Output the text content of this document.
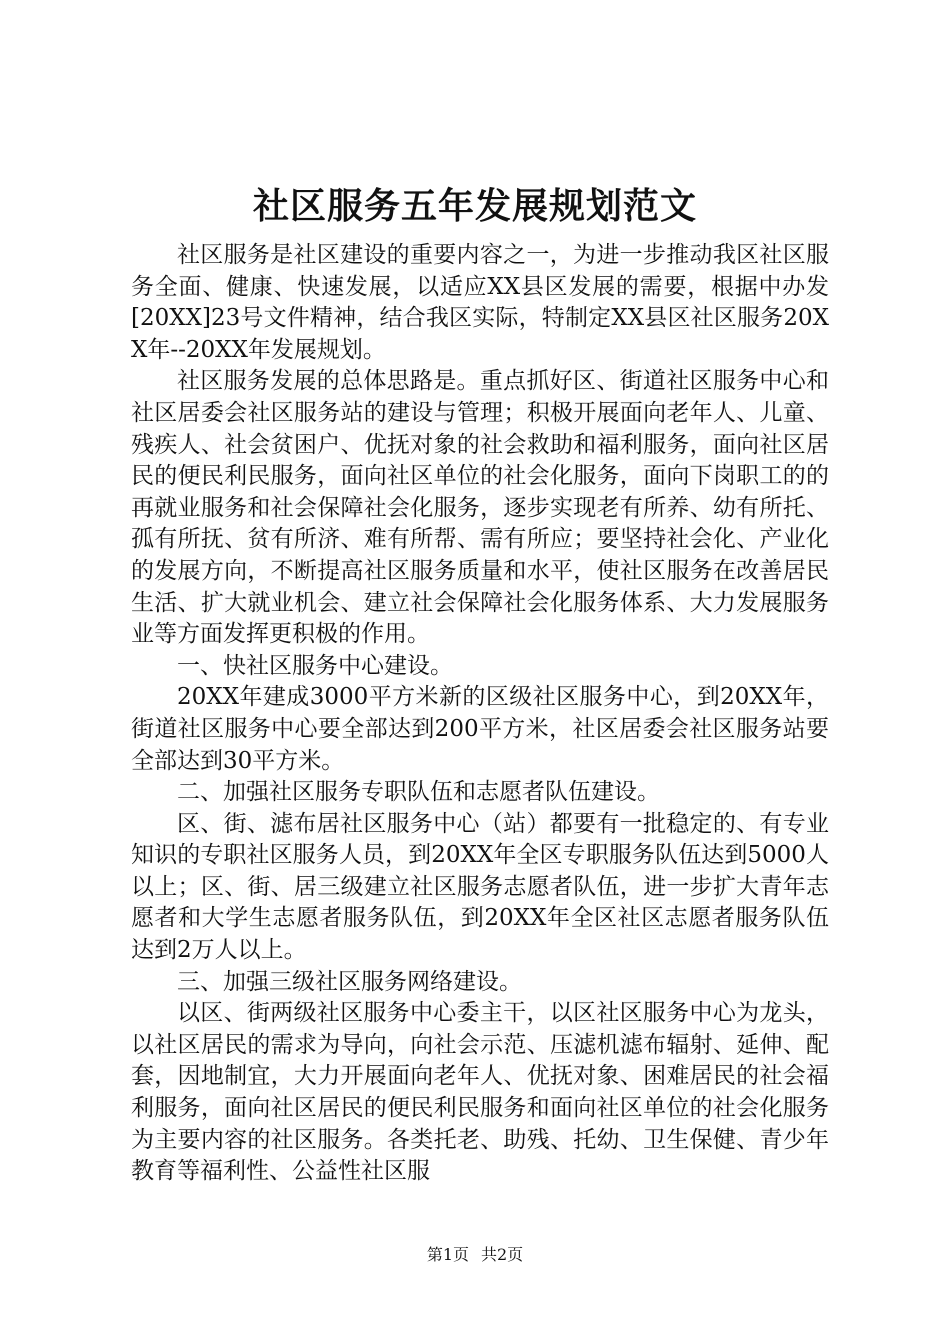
社区服务五年发展规划范文

社区服务是社区建设的重要内容之一，为进一步推动我区社区服务全面、健康、快速发展，以适应XX县区发展的需要，根据中办发[20XX]23号文件精神，结合我区实际，特制定XX县区社区服务20XX年--20XX年发展规划。

社区服务发展的总体思路是。重点抓好区、街道社区服务中心和社区居委会社区服务站的建设与管理；积极开展面向老年人、儿童、残疾人、社会贫困户、优抚对象的社会救助和福利服务，面向社区居民的便民利民服务，面向社区单位的社会化服务，面向下岗职工的的再就业服务和社会保障社会化服务，逐步实现老有所养、幼有所托、孤有所抚、贫有所济、难有所帮、需有所应；要坚持社会化、产业化的发展方向，不断提高社区服务质量和水平，使社区服务在改善居民生活、扩大就业机会、建立社会保障社会化服务体系、大力发展服务业等方面发挥更积极的作用。

一、快社区服务中心建设。

20XX年建成3000平方米新的区级社区服务中心，到20XX年，街道社区服务中心要全部达到200平方米，社区居委会社区服务站要全部达到30平方米。

二、加强社区服务专职队伍和志愿者队伍建设。

区、街、滤布居社区服务中心（站）都要有一批稳定的、有专业知识的专职社区服务人员，到20XX年全区专职服务队伍达到5000人以上；区、街、居三级建立社区服务志愿者队伍，进一步扩大青年志愿者和大学生志愿者服务队伍，到20XX年全区社区志愿者服务队伍达到2万人以上。

三、加强三级社区服务网络建设。

以区、街两级社区服务中心委主干，以区社区服务中心为龙头，以社区居民的需求为导向，向社会示范、压滤机滤布辐射、延伸、配套，因地制宜，大力开展面向老年人、优抚对象、困难居民的社会福利服务，面向社区居民的便民利民服务和面向社区单位的社会化服务为主要内容的社区服务。各类托老、助残、托幼、卫生保健、青少年教育等福利性、公益性社区服

第1页 共2页
